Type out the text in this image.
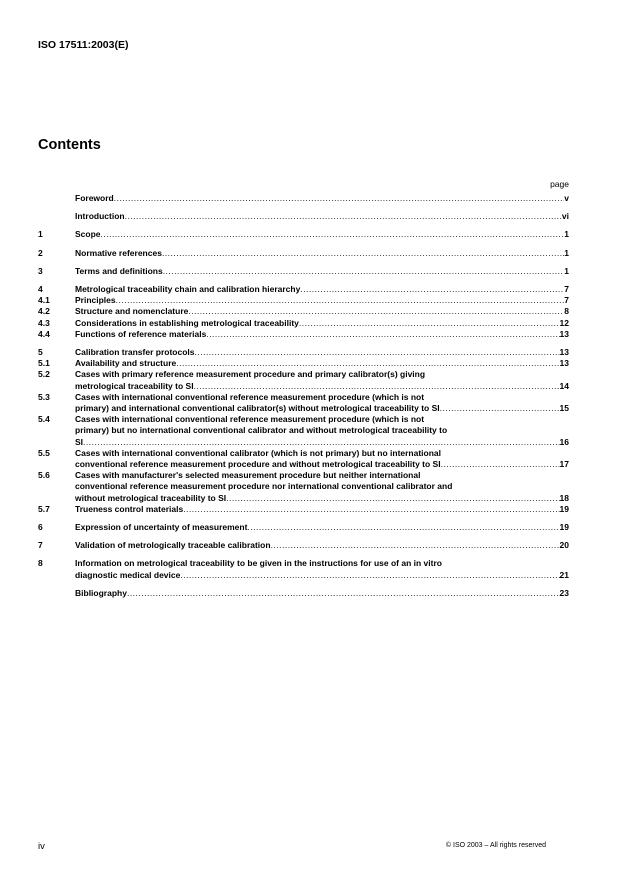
ISO 17511:2003(E)
Contents
page
Foreword .....	v
Introduction .....	vi
1	Scope .....	1
2	Normative references .....	1
3	Terms and definitions .....	1
4	Metrological traceability chain and calibration hierarchy .....	7
4.1	Principles .....	7
4.2	Structure and nomenclature .....	8
4.3	Considerations in establishing metrological traceability .....	12
4.4	Functions of reference materials .....	13
5	Calibration transfer protocols .....	13
5.1	Availability and structure .....	13
5.2	Cases with primary reference measurement procedure and primary calibrator(s) giving
metrological traceability to SI .....	14
5.3	Cases with international conventional reference measurement procedure (which is not
primary) and international conventional calibrator(s) without metrological traceability to SI .....	15
5.4	Cases with international conventional reference measurement procedure (which is not
primary) but no international conventional calibrator and without metrological traceability to
SI .....	16
5.5	Cases with international conventional calibrator (which is not primary) but no international
conventional reference measurement procedure and without metrological traceability to SI .....	17
5.6	Cases with manufacturer's selected measurement procedure but neither international
conventional reference measurement procedure nor international conventional calibrator and
without metrological traceability to SI .....	18
5.7	Trueness control materials .....	19
6	Expression of uncertainty of measurement .....	19
7	Validation of metrologically traceable calibration .....	20
8	Information on metrological traceability to be given in the instructions for use of an in vitro
diagnostic medical device .....	21
Bibliography .....	23
iv	© ISO 2003 – All rights reserved
